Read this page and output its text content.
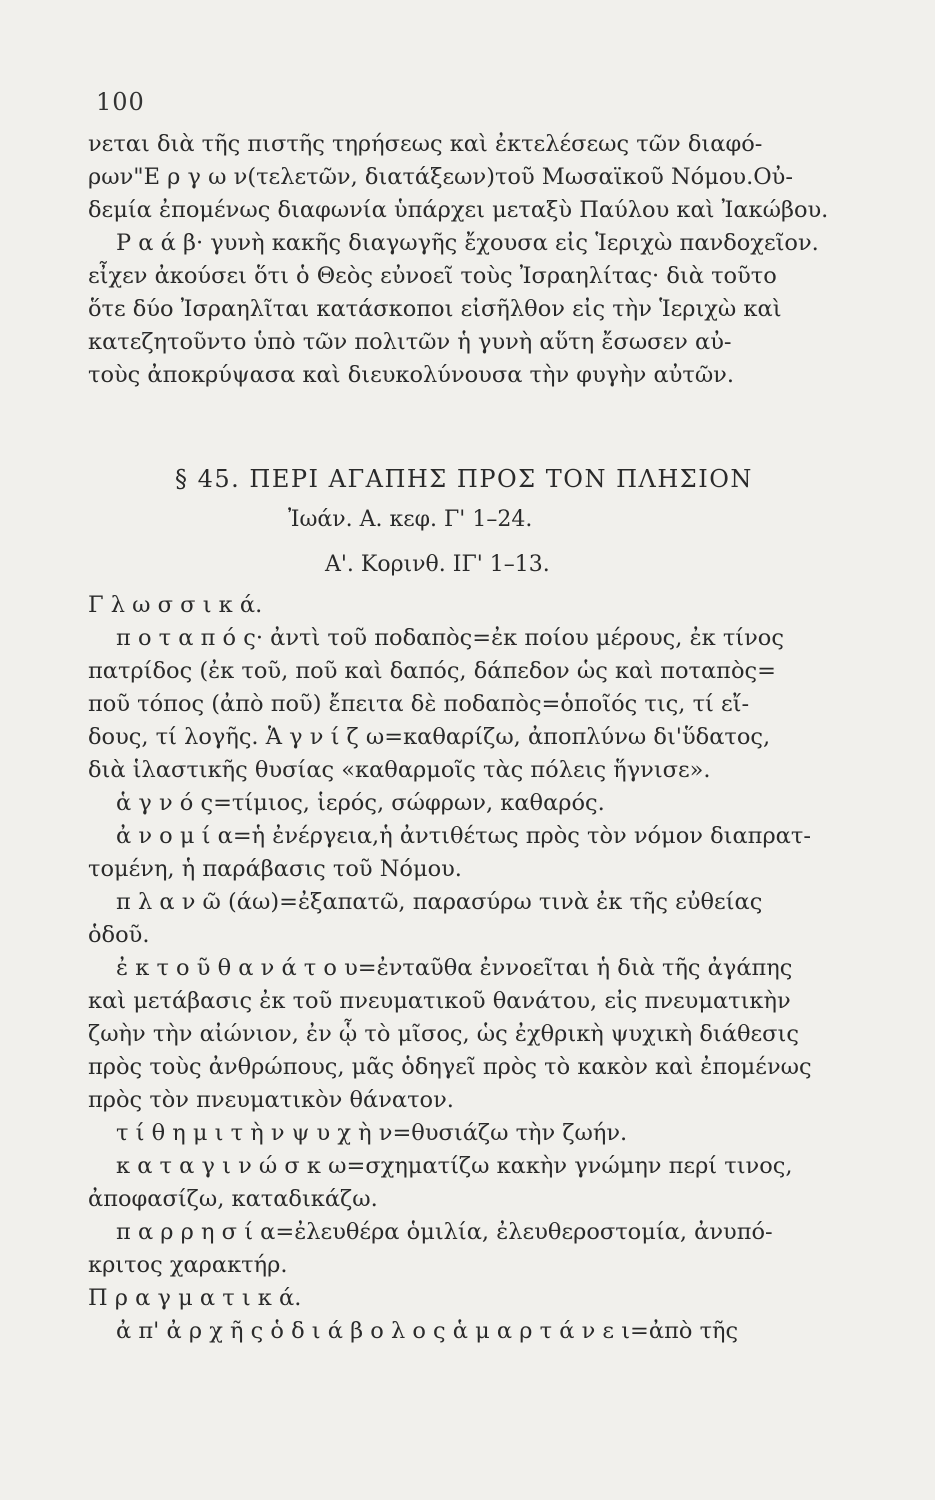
100
νεται διὰ τῆς πιστῆς τηρήσεως καὶ ἐκτελέσεως τῶν διαφό-
ρων"Ε ρ γ ω ν(τελετῶν, διατάξεων)τοῦ Μωσαϊκοῦ Νόμου.Οὐ-
δεμία ἐπομένως διαφωνία ὑπάρχει μεταξὺ Παύλου καὶ Ἰακώβου.
Ρ α ά β· γυνὴ κακῆς διαγωγῆς ἔχουσα εἰς Ἱεριχὼ πανδοχεῖον.
εἶχεν ἀκούσει ὅτι ὁ Θεὸς εὐνοεῖ τοὺς Ἰσραηλίτας· διὰ τοῦτο
ὅτε δύο Ἰσραηλῖται κατάσκοποι εἰσῆλθον εἰς τὴν Ἱεριχὼ καὶ
κατεζητοῦντο ὑπὸ τῶν πολιτῶν ἡ γυνὴ αὕτη ἔσωσεν αὐ-
τοὺς ἀποκρύψασα καὶ διευκολύνουσα τὴν φυγὴν αὐτῶν.
§ 45. ΠΕΡΙ ΑΓΑΠΗΣ ΠΡΟΣ ΤΟΝ ΠΛΗΣΙΟΝ
Ἰωάν. Α. κεφ. Γ' 1–24.
Α'. Κορινθ. ΙΓ' 1–13.
Γ λ ω σ σ ι κ ά.
π ο τ α π ό ς· ἀντὶ τοῦ ποδαπὸς=ἐκ ποίου μέρους, ἐκ τίνος
πατρίδος (ἐκ τοῦ, ποῦ καὶ δαπός, δάπεδον ὡς καὶ ποταπὸς=
ποῦ τόπος (ἀπὸ ποῦ) ἔπειτα δὲ ποδαπὸς=ὁποῖός τις, τί εἴ-
δους, τί λογῆς. Ἁ γ ν ί ζ ω=καθαρίζω, ἀποπλύνω δι'ὕδατος,
διὰ ἱλαστικῆς θυσίας «καθαρμοῖς τὰς πόλεις ἥγνισε».
ἁ γ ν ό ς=τίμιος, ἱερός, σώφρων, καθαρός.
ἀ ν ο μ ί α=ἡ ἐνέργεια,ἡ ἀντιθέτως πρὸς τὸν νόμον διαπρατ-
τομένη, ἡ παράβασις τοῦ Νόμου.
π λ α ν ῶ (άω)=ἐξαπατῶ, παρασύρω τινὰ ἐκ τῆς εὐθείας
ὁδοῦ.
ἐ κ τ ο ῦ θ α ν ά τ ο υ=ἐνταῦθα ἐννοεῖται ἡ διὰ τῆς ἀγάπης
καὶ μετάβασις ἐκ τοῦ πνευματικοῦ θανάτου, εἰς πνευματικὴν
ζωὴν τὴν αἰώνιον, ἐν ᾧ τὸ μῖσος, ὡς ἐχθρικὴ ψυχικὴ διάθεσις
πρὸς τοὺς ἀνθρώπους, μᾶς ὁδηγεῖ πρὸς τὸ κακὸν καὶ ἐπομένως
πρὸς τὸν πνευματικὸν θάνατον.
τ ί θ η μ ι τ ὴ ν ψ υ χ ὴ ν=θυσιάζω τὴν ζωήν.
κ α τ α γ ι ν ώ σ κ ω=σχηματίζω κακὴν γνώμην περί τινος,
ἀποφασίζω, καταδικάζω.
π α ρ ρ η σ ί α=ἐλευθέρα ὁμιλία, ἐλευθεροστομία, ἀνυπό-
κριτος χαρακτήρ.
Π ρ α γ μ α τ ι κ ά.
ἀ π' ἀ ρ χ ῆ ς ὁ δ ι ά β ο λ ο ς ἁ μ α ρ τ ά ν ε ι=ἀπὸ τῆς
